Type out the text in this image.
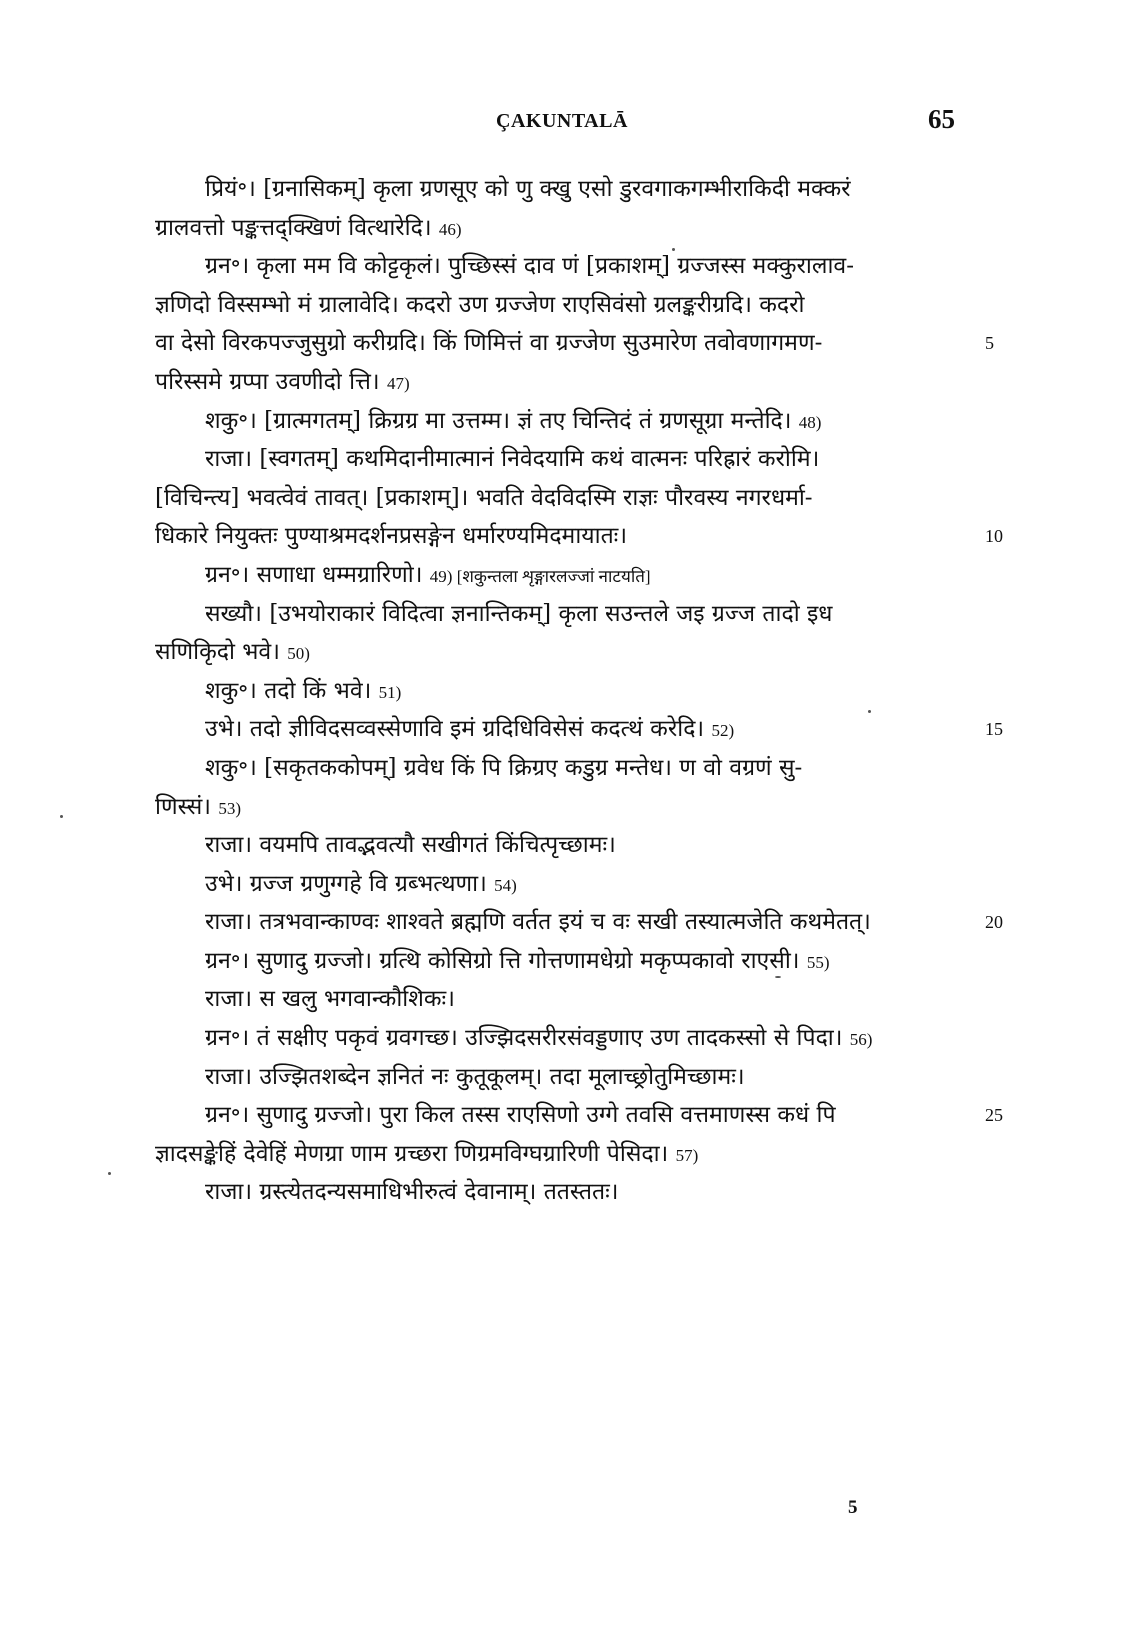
ÇAKUNTALĀ	65
प्रियं॰। [ग्रनासिकम्] कृला ग्रणसूए को णु क्खु एसो डुरवगाकगम्भीराकिदी मक्करं
ग्रालवत्तो पङ्कत्तद्क्खिणं वित्थारेदि। 46)
ग्रन॰। कृला मम वि कोट्टकृलं। पुच्छिस्सं दाव णं [प्रकाशम्] ग्रज्जस्स मक्कुरालाव-
ज्ञणिदो विस्सम्भो मं ग्रालावेदि। कदरो उण ग्रज्जेण राएसिवंसो ग्रलङ्करीग्रदि। कदरो
वा देसो विरकपज्जुसुग्रो करीग्रदि। किं णिमित्तं वा ग्रज्जेण सुउमारेण तवोवणागमण-	5
परिस्समे ग्रप्पा उवणीदो त्ति। 47)
शकु॰। [ग्रात्मगतम्] क्रिग्रग्र मा उत्तम्म। ज्ञं तए चिन्तिदं तं ग्रणसूग्रा मन्तेदि। 48)
राजा। [स्वगतम्] कथमिदानीमात्मानं निवेदयामि कथं वात्मनः परिह्रारं करोमि।
[विचिन्त्य] भवत्वेवं तावत्। [प्रकाशम्]। भवति वेदविदस्मि राज्ञः पौरवस्य नगरधर्मा-
धिकारे नियुक्तः पुण्याश्रमदर्शनप्रसङ्गेन धर्मारण्यमिदमायातः।	10
ग्रन॰। सणाधा धम्मग्रारिणो। 49) [शकुन्तला शृङ्गारलज्जां नाटयति]
सख्यौ। [उभयोराकारं विदित्वा ज्ञनान्तिकम्] कृला सउन्तले जइ ग्रज्ज तादो इध
सणिकृिदो भवे। 50)
शकु॰। तदो किं भवे। 51)
उभे। तदो ज्ञीविदसव्वस्सेणावि इमं ग्रदिधिविसेसं कदत्थं करेदि। 52)	15
शकु॰। [सकृतककोपम्] ग्रवेध किं पि क्रिग्रए कडुग्र मन्तेध। ण वो वग्रणं सु-
णिस्सं। 53)
राजा। वयमपि तावद्भवत्यौ सखीगतं किंचित्पृच्छामः।
उभे। ग्रज्ज ग्रणुग्गहे वि ग्रब्भत्थणा। 54)
राजा। तत्रभवान्काण्वः शाश्वते ब्रह्मणि वर्तत इयं च वः सखी तस्यात्मजेति कथमेतत्।	20
ग्रन॰। सुणादु ग्रज्जो। ग्रत्थि कोसिग्रो त्ति गोत्तणामधेग्रो मकृप्पकावो राएसी। 55)
राजा। स खलु भगवान्कौशिकः।
ग्रन॰। तं सक्षीए पकृवं ग्रवगच्छ। उज्झिदसरीरसंवड्डणाए उण तादकस्सो से पिदा। 56)
राजा। उज्झितशब्देन ज्ञनितं नः कुतूकूलम्। तदा मूलाच्छ्रोतुमिच्छामः।
ग्रन॰। सुणादु ग्रज्जो। पुरा किल तस्स राएसिणो उग्गे तवसि वत्तमाणस्स कधं पि	25
ज्ञादसङ्केहिं देवेहिं मेणग्रा णाम ग्रच्छरा णिग्रमविग्घग्रारिणी पेसिदा। 57)
राजा। ग्रस्त्येतदन्यसमाधिभीरुत्वं देवानाम्। ततस्ततः।
5
